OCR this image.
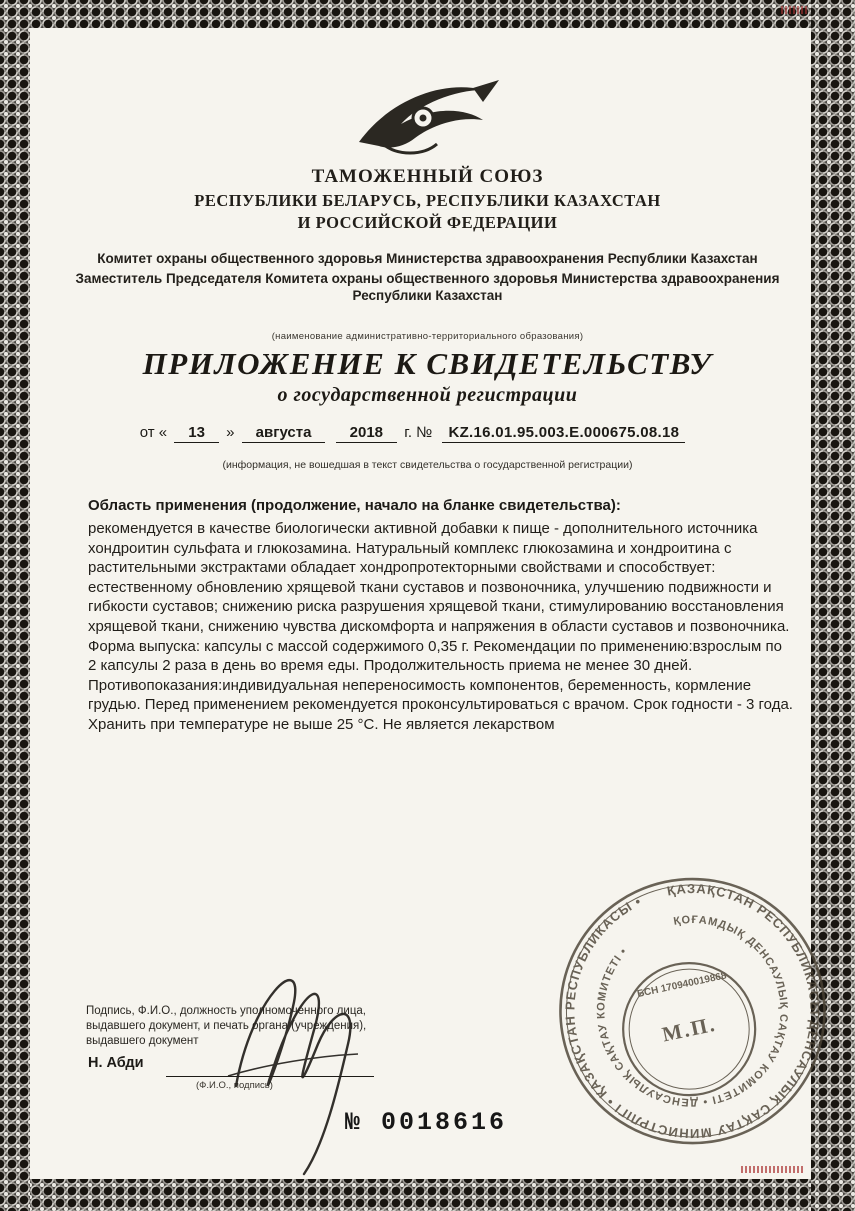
ТАМОЖЕННЫЙ СОЮЗ
РЕСПУБЛИКИ БЕЛАРУСЬ, РЕСПУБЛИКИ КАЗАХСТАН
И РОССИЙСКОЙ ФЕДЕРАЦИИ

Комитет охраны общественного здоровья Министерства здравоохранения Республики Казахстан

Заместитель Председателя Комитета охраны общественного здоровья Министерства здравоохранения Республики Казахстан

(наименование административно-территориального образования)
ПРИЛОЖЕНИЕ К СВИДЕТЕЛЬСТВУ
о государственной регистрации
от « 13 » августа	2018 г. № KZ.16.01.95.003.E.000675.08.18
(информация, не вошедшая в текст свидетельства о государственной регистрации)
Область применения (продолжение, начало на бланке свидетельства):
рекомендуется в качестве биологически активной добавки к пище - дополнительного источника хондроитин сульфата и глюкозамина. Натуральный комплекс глюкозамина и хондроитина с растительными экстрактами обладает хондропротекторными свойствами и способствует: естественному обновлению хрящевой ткани суставов и позвоночника, улучшению подвижности и гибкости суставов; снижению риска разрушения хрящевой ткани, стимулированию восстановления хрящевой ткани, снижению чувства дискомфорта и напряжения в области суставов и позвоночника. Форма выпуска: капсулы с массой содержимого 0,35 г. Рекомендации по применению:взрослым по 2 капсулы 2 раза в день во время еды. Продолжительность приема не менее 30 дней. Противопоказания:индивидуальная непереносимость компонентов, беременность, кормление грудью. Перед применением рекомендуется проконсультироваться с врачом. Срок годности - 3 года. Хранить при температуре не выше 25 °С. Не является лекарством
Подпись, Ф.И.О., должность уполномоченного лица,
выдавшего документ, и печать органа (учреждения),
выдавшего документ
Н. Абди
(Ф.И.О., подпись)
ҚАЗАҚСТАН РЕСПУБЛИКАСЫ ДЕНСАУЛЫҚ САҚТАУ МИНИСТРЛІГІ • ҚАЗАҚСТАН РЕСПУБЛИКАСЫ •
ҚОҒАМДЫҚ ДЕНСАУЛЫҚ САҚТАУ КОМИТЕТІ • ДЕНСАУЛЫҚ САҚТАУ КОМИТЕТІ •
БСН 170940019868
М.П.
№ 0018616
